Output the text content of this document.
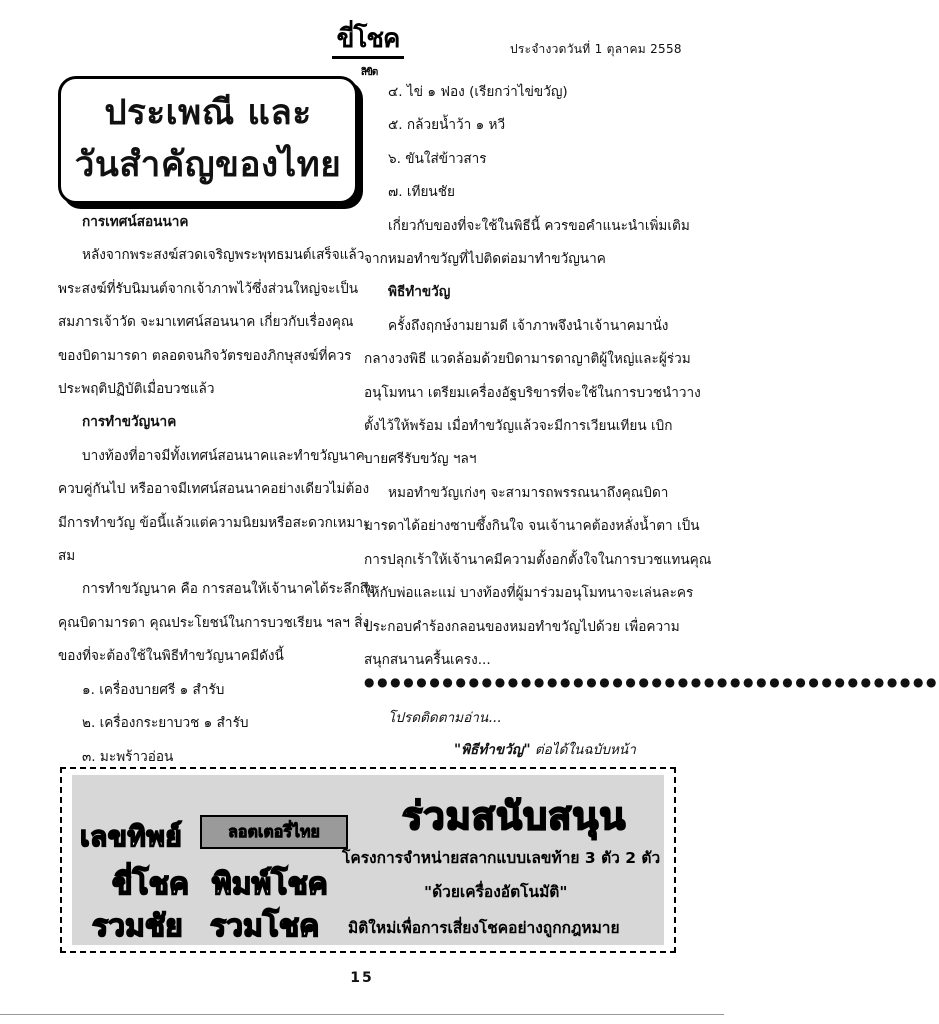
ขี่โชค$^{ลิขิต}$
ประจำงวดวันที่ 1 ตุลาคม 2558
ประเพณี และ
วันสำคัญของไทย

การเทศน์สอนนาค

หลังจากพระสงฆ์สวดเจริญพระพุทธมนต์เสร็จแล้ว

พระสงฆ์ที่รับนิมนต์จากเจ้าภาพไว้ซึ่งส่วนใหญ่จะเป็น

สมภารเจ้าวัด จะมาเทศน์สอนนาค เกี่ยวกับเรื่องคุณ

ของบิดามารดา ตลอดจนกิจวัตรของภิกษุสงฆ์ที่ควร

ประพฤติปฏิบัติเมื่อบวชแล้ว

การทำขวัญนาค

บางท้องที่อาจมีทั้งเทศน์สอนนาคและทำขวัญนาค

ควบคู่กันไป หรืออาจมีเทศน์สอนนาคอย่างเดียวไม่ต้อง

มีการทำขวัญ ข้อนี้แล้วแต่ความนิยมหรือสะดวกเหมาะ

สม

การทำขวัญนาค คือ การสอนให้เจ้านาคได้ระลึกถึง

คุณบิดามารดา คุณประโยชน์ในการบวชเรียน ฯลฯ สิ่ง

ของที่จะต้องใช้ในพิธีทำขวัญนาคมีดังนี้

๑. เครื่องบายศรี ๑ สำรับ

๒. เครื่องกระยาบวช ๑ สำรับ

๓. มะพร้าวอ่อน

๔. ไข่ ๑ ฟอง (เรียกว่าไข่ขวัญ)

๕. กล้วยน้ำว้า ๑ หวี

๖. ขันใส่ข้าวสาร

๗. เทียนชัย

เกี่ยวกับของที่จะใช้ในพิธีนี้ ควรขอคำแนะนำเพิ่มเติม

จากหมอทำขวัญที่ไปติดต่อมาทำขวัญนาค

พิธีทำขวัญ

ครั้งถึงฤกษ์งามยามดี เจ้าภาพจึงนำเจ้านาคมานั่ง

กลางวงพิธี แวดล้อมด้วยบิดามารดาญาติผู้ใหญ่และผู้ร่วม

อนุโมทนา เตรียมเครื่องอัฐบริขารที่จะใช้ในการบวชนำวาง

ตั้งไว้ให้พร้อม เมื่อทำขวัญแล้วจะมีการเวียนเทียน เบิก

บายศรีรับขวัญ ฯลฯ

หมอทำขวัญเก่งๆ จะสามารถพรรณนาถึงคุณบิดา

มารดาได้อย่างซาบซึ้งกินใจ จนเจ้านาคต้องหลั่งน้ำตา เป็น

การปลุกเร้าให้เจ้านาคมีความตั้งอกตั้งใจในการบวชแทนคุณ

ให้กับพ่อและแม่ บางท้องที่ผู้มาร่วมอนุโมทนาจะเล่นละคร

ประกอบคำร้องกลอนของหมอทำขวัญไปด้วย เพื่อความ

สนุกสนานครื้นเครง...

●●●●●●●●●●●●●●●●●●●●●●●●●●●●●●●●●●●●●●●●●●●●
โปรดติดตามอ่าน...
"พิธีทำขวัญ" ต่อได้ในฉบับหน้า
เลขทิพย์	ลอตเตอรี่ไทย
ขี่โชค พิมพ์โชค
รวมชัย รวมโชค
ร่วมสนับสนุน
โครงการจำหน่ายสลากแบบเลขท้าย 3 ตัว 2 ตัว
"ด้วยเครื่องอัตโนมัติ"
มิติใหม่เพื่อการเสี่ยงโชคอย่างถูกกฎหมาย
15
